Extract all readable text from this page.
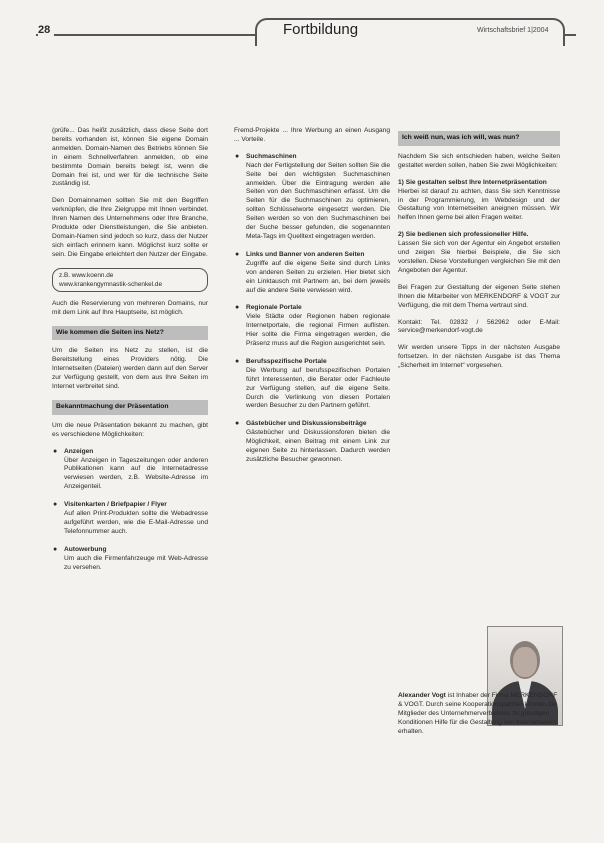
28	Fortbildung	Wirtschaftsbrief 1|2004

(prüfe... Das heißt zusätzlich, dass diese Seite dort bereits vorhanden ist, können Sie eigene Domain anmelden. Domain-Namen des Betriebs können Sie in einem Schnellverfahren anmelden, ob eine bestimmte Domain bereits belegt ist, wenn die Domain frei ist, und wer für die technische Seite zuständig ist.

Den Domainnamen sollten Sie mit den Begriffen verknüpfen, die Ihre Zielgruppe mit Ihnen verbindet. Ihren Namen des Unternehmens oder Ihre Branche, Produkte oder Dienstleistungen, die Sie anbieten. Domain-Namen sind jedoch so kurz, dass der Nutzer sich einfach erinnern kann. Möglichst kurz sollte er sein. Die Eingabe erleichtert den Nutzer der Eingabe.

z.B. www.koenn.de
www.krankengymnastik-schenkel.de

Auch die Reservierung von mehreren Domains, nur mit dem Link auf Ihre Hauptseite, ist möglich.

Wie kommen die Seiten ins Netz?

Um die Seiten ins Netz zu stellen, ist die Bereitstellung eines Providers nötig. Die Internetseiten (Dateien) werden dann auf den Server zur Verfügung gestellt, von dem aus Ihre Seiten im Internet verbreitet sind.

Bekanntmachung der Präsentation

Um die neue Präsentation bekannt zu machen, gibt es verschiedene Möglichkeiten:

● Anzeigen
Über Anzeigen in Tageszeitungen oder anderen Publikationen kann auf die Internetadresse verwiesen werden, z.B. Website-Adresse im Anzeigenteil.
● Visitenkarten / Briefpapier / Flyer
Auf allen Print-Produkten sollte die Webadresse aufgeführt werden, wie die E-Mail-Adresse und Telefonnummer auch.
● Autowerbung
Um auch die Firmenfahrzeuge mit Web-Adresse zu versehen.

Fremd-Projekte ... Ihre Werbung an einen Ausgang ... Vorteile.

● Suchmaschinen
Nach der Fertigstellung der Seiten sollten Sie die Seite bei den wichtigsten Suchmaschinen anmelden. Über die Eintragung werden alle Seiten von den Suchmaschinen erfasst. Um die Seiten für die Suchmaschinen zu optimieren, sollten Schlüsselworte eingesetzt werden. Die Seiten werden so von den Suchmaschinen bei der Suche besser gefunden, die sogenannten Meta-Tags im Quelltext eingetragen werden.
● Links und Banner von anderen Seiten
Zugriffe auf die eigene Seite sind durch Links von anderen Seiten zu erzielen. Hier bietet sich ein Linktausch mit Partnern an, bei dem jeweils auf die andere Seite verwiesen wird.
● Regionale Portale
Viele Städte oder Regionen haben regionale Internetportale, die regional Firmen auflisten. Hier sollte die Firma eingetragen werden, die Präsenz muss auf die Region ausgerichtet sein.
● Berufsspezifische Portale
Die Werbung auf berufsspezifischen Portalen führt Interessenten, die Berater oder Fachleute zur Verfügung stellen, auf die eigene Seite. Durch die Verlinkung von diesen Portalen werden Besucher zu den Partnern geführt.
● Gästebücher und Diskussionsbeiträge
Gästebücher und Diskussionsforen bieten die Möglichkeit, einen Beitrag mit einem Link zur eigenen Seite zu hinterlassen. Dadurch werden zusätzliche Besucher gewonnen.
Ich weiß nun, was ich will, was nun?

Nachdem Sie sich entschieden haben, welche Seiten gestaltet werden sollen, haben Sie zwei Möglichkeiten:

1) Sie gestalten selbst Ihre Internetpräsentation
Hierbei ist darauf zu achten, dass Sie sich Kenntnisse in der Programmierung, im Webdesign und der Gestaltung von Internetseiten aneignen müssen. Wir helfen Ihnen gerne bei allen Fragen weiter.

2) Sie bedienen sich professioneller Hilfe.
Lassen Sie sich von der Agentur ein Angebot erstellen und zeigen Sie hierbei Beispiele, die Sie sich vorstellen. Diese Vorstellungen vergleichen Sie mit den Angeboten der Agentur.

Bei Fragen zur Gestaltung der eigenen Seite stehen Ihnen die Mitarbeiter von MERKENDORF & VOGT zur Verfügung, die mit dem Thema vertraut sind.

Kontakt: Tel. 02832 / 562962 oder E-Mail: service@merkendorf-vogt.de

Wir werden unsere Tipps in der nächsten Ausgabe fortsetzen. In der nächsten Ausgabe ist das Thema „Sicherheit im Internet“ vorgesehen.

Alexander Vogt ist Inhaber der Firma MERKENDORF & VOGT. Durch seine Kooperationspartner können die Mitglieder des Unternehmerverbandes zu günstigen Konditionen Hilfe für die Gestaltung von Internetseiten erhalten.
